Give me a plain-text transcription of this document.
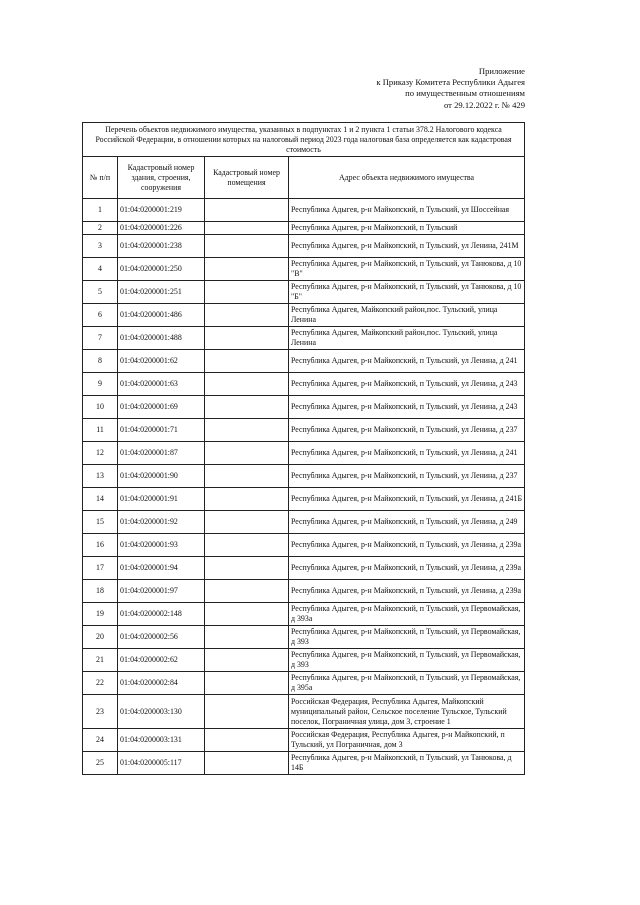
Приложение
к Приказу Комитета Республики Адыгея
по имущественным отношениям
от 29.12.2022 г. № 429
Перечень объектов недвижимого имущества, указанных в подпунктах 1 и 2 пункта 1 статьи 378.2 Налогового кодекса Российской Федерации, в отношении которых на налоговый период 2023 года налоговая база определяется как кадастровая стоимость			
№ п/п	Кадастровый номер здания, строения, сооружения	Кадастровый номер помещения	Адрес объекта недвижимого имущества
1	01:04:0200001:219		Республика Адыгея, р-н Майкопский, п Тульский, ул Шоссейная
2	01:04:0200001:226		Республика Адыгея, р-н Майкопский, п Тульский
3	01:04:0200001:238		Республика Адыгея, р-н Майкопский, п Тульский, ул Ленина, 241М
4	01:04:0200001:250		Республика Адыгея, р-н Майкопский, п Тульский, ул Танюкова, д 10 "В"
5	01:04:0200001:251		Республика Адыгея, р-н Майкопский, п Тульский, ул Танюкова, д 10 "Б"
6	01:04:0200001:486		Республика Адыгея, Майкопский район,пос. Тульский, улица Ленина
7	01:04:0200001:488		Республика Адыгея, Майкопский район,пос. Тульский, улица Ленина
8	01:04:0200001:62		Республика Адыгея, р-н Майкопский, п Тульский, ул Ленина, д 241
9	01:04:0200001:63		Республика Адыгея, р-н Майкопский, п Тульский, ул Ленина, д 243
10	01:04:0200001:69		Республика Адыгея, р-н Майкопский, п Тульский, ул Ленина, д 243
11	01:04:0200001:71		Республика Адыгея, р-н Майкопский, п Тульский, ул Ленина, д 237
12	01:04:0200001:87		Республика Адыгея, р-н Майкопский, п Тульский, ул Ленина, д 241
13	01:04:0200001:90		Республика Адыгея, р-н Майкопский, п Тульский, ул Ленина, д 237
14	01:04:0200001:91		Республика Адыгея, р-н Майкопский, п Тульский, ул Ленина, д 241Б
15	01:04:0200001:92		Республика Адыгея, р-н Майкопский, п Тульский, ул Ленина, д 249
16	01:04:0200001:93		Республика Адыгея, р-н Майкопский, п Тульский, ул Ленина, д 239а
17	01:04:0200001:94		Республика Адыгея, р-н Майкопский, п Тульский, ул Ленина, д 239а
18	01:04:0200001:97		Республика Адыгея, р-н Майкопский, п Тульский, ул Ленина, д 239а
19	01:04:0200002:148		Республика Адыгея, р-н Майкопский, п Тульский, ул Первомайская, д 393а
20	01:04:0200002:56		Республика Адыгея, р-н Майкопский, п Тульский, ул Первомайская, д 393
21	01:04:0200002:62		Республика Адыгея, р-н Майкопский, п Тульский, ул Первомайская, д 393
22	01:04:0200002:84		Республика Адыгея, р-н Майкопский, п Тульский, ул Первомайская, д 395а
23	01:04:0200003:130		Российская Федерация, Республика Адыгея, Майкопский муниципальный район, Сельское поселение Тульское, Тульский поселок, Пограничная улица, дом 3, строение 1
24	01:04:0200003:131		Российская Федерация, Республика Адыгея, р-н Майкопский, п Тульский, ул Пограничная, дом 3
25	01:04:0200005:117		Республика Адыгея, р-н Майкопский, п Тульский, ул Танюкова, д 14Б
